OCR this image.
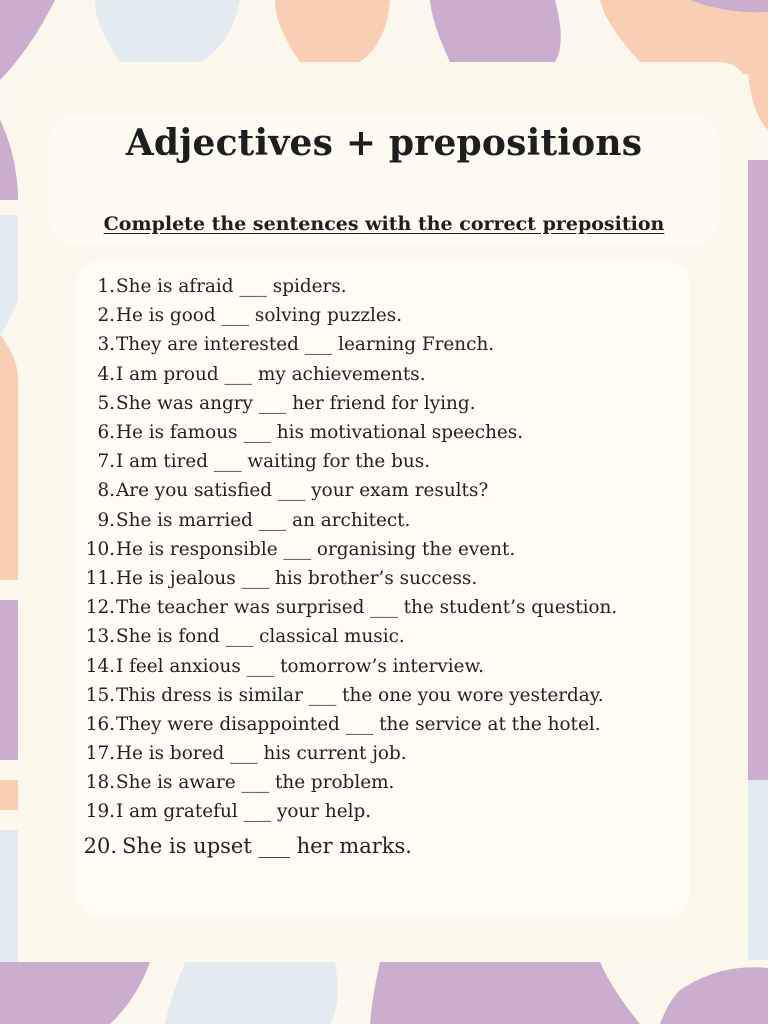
Adjectives + prepositions

Complete the sentences with the correct preposition

1. She is afraid ___ spiders.
2. He is good ___ solving puzzles.
3. They are interested ___ learning French.
4. I am proud ___ my achievements.
5. She was angry ___ her friend for lying.
6. He is famous ___ his motivational speeches.
7. I am tired ___ waiting for the bus.
8. Are you satisfied ___ your exam results?
9. She is married ___ an architect.
10. He is responsible ___ organising the event.
11. He is jealous ___ his brother’s success.
12. The teacher was surprised ___ the student’s question.
13. She is fond ___ classical music.
14. I feel anxious ___ tomorrow’s interview.
15. This dress is similar ___ the one you wore yesterday.
16. They were disappointed ___ the service at the hotel.
17. He is bored ___ his current job.
18. She is aware ___ the problem.
19. I am grateful ___ your help.
20. She is upset ___ her marks.
